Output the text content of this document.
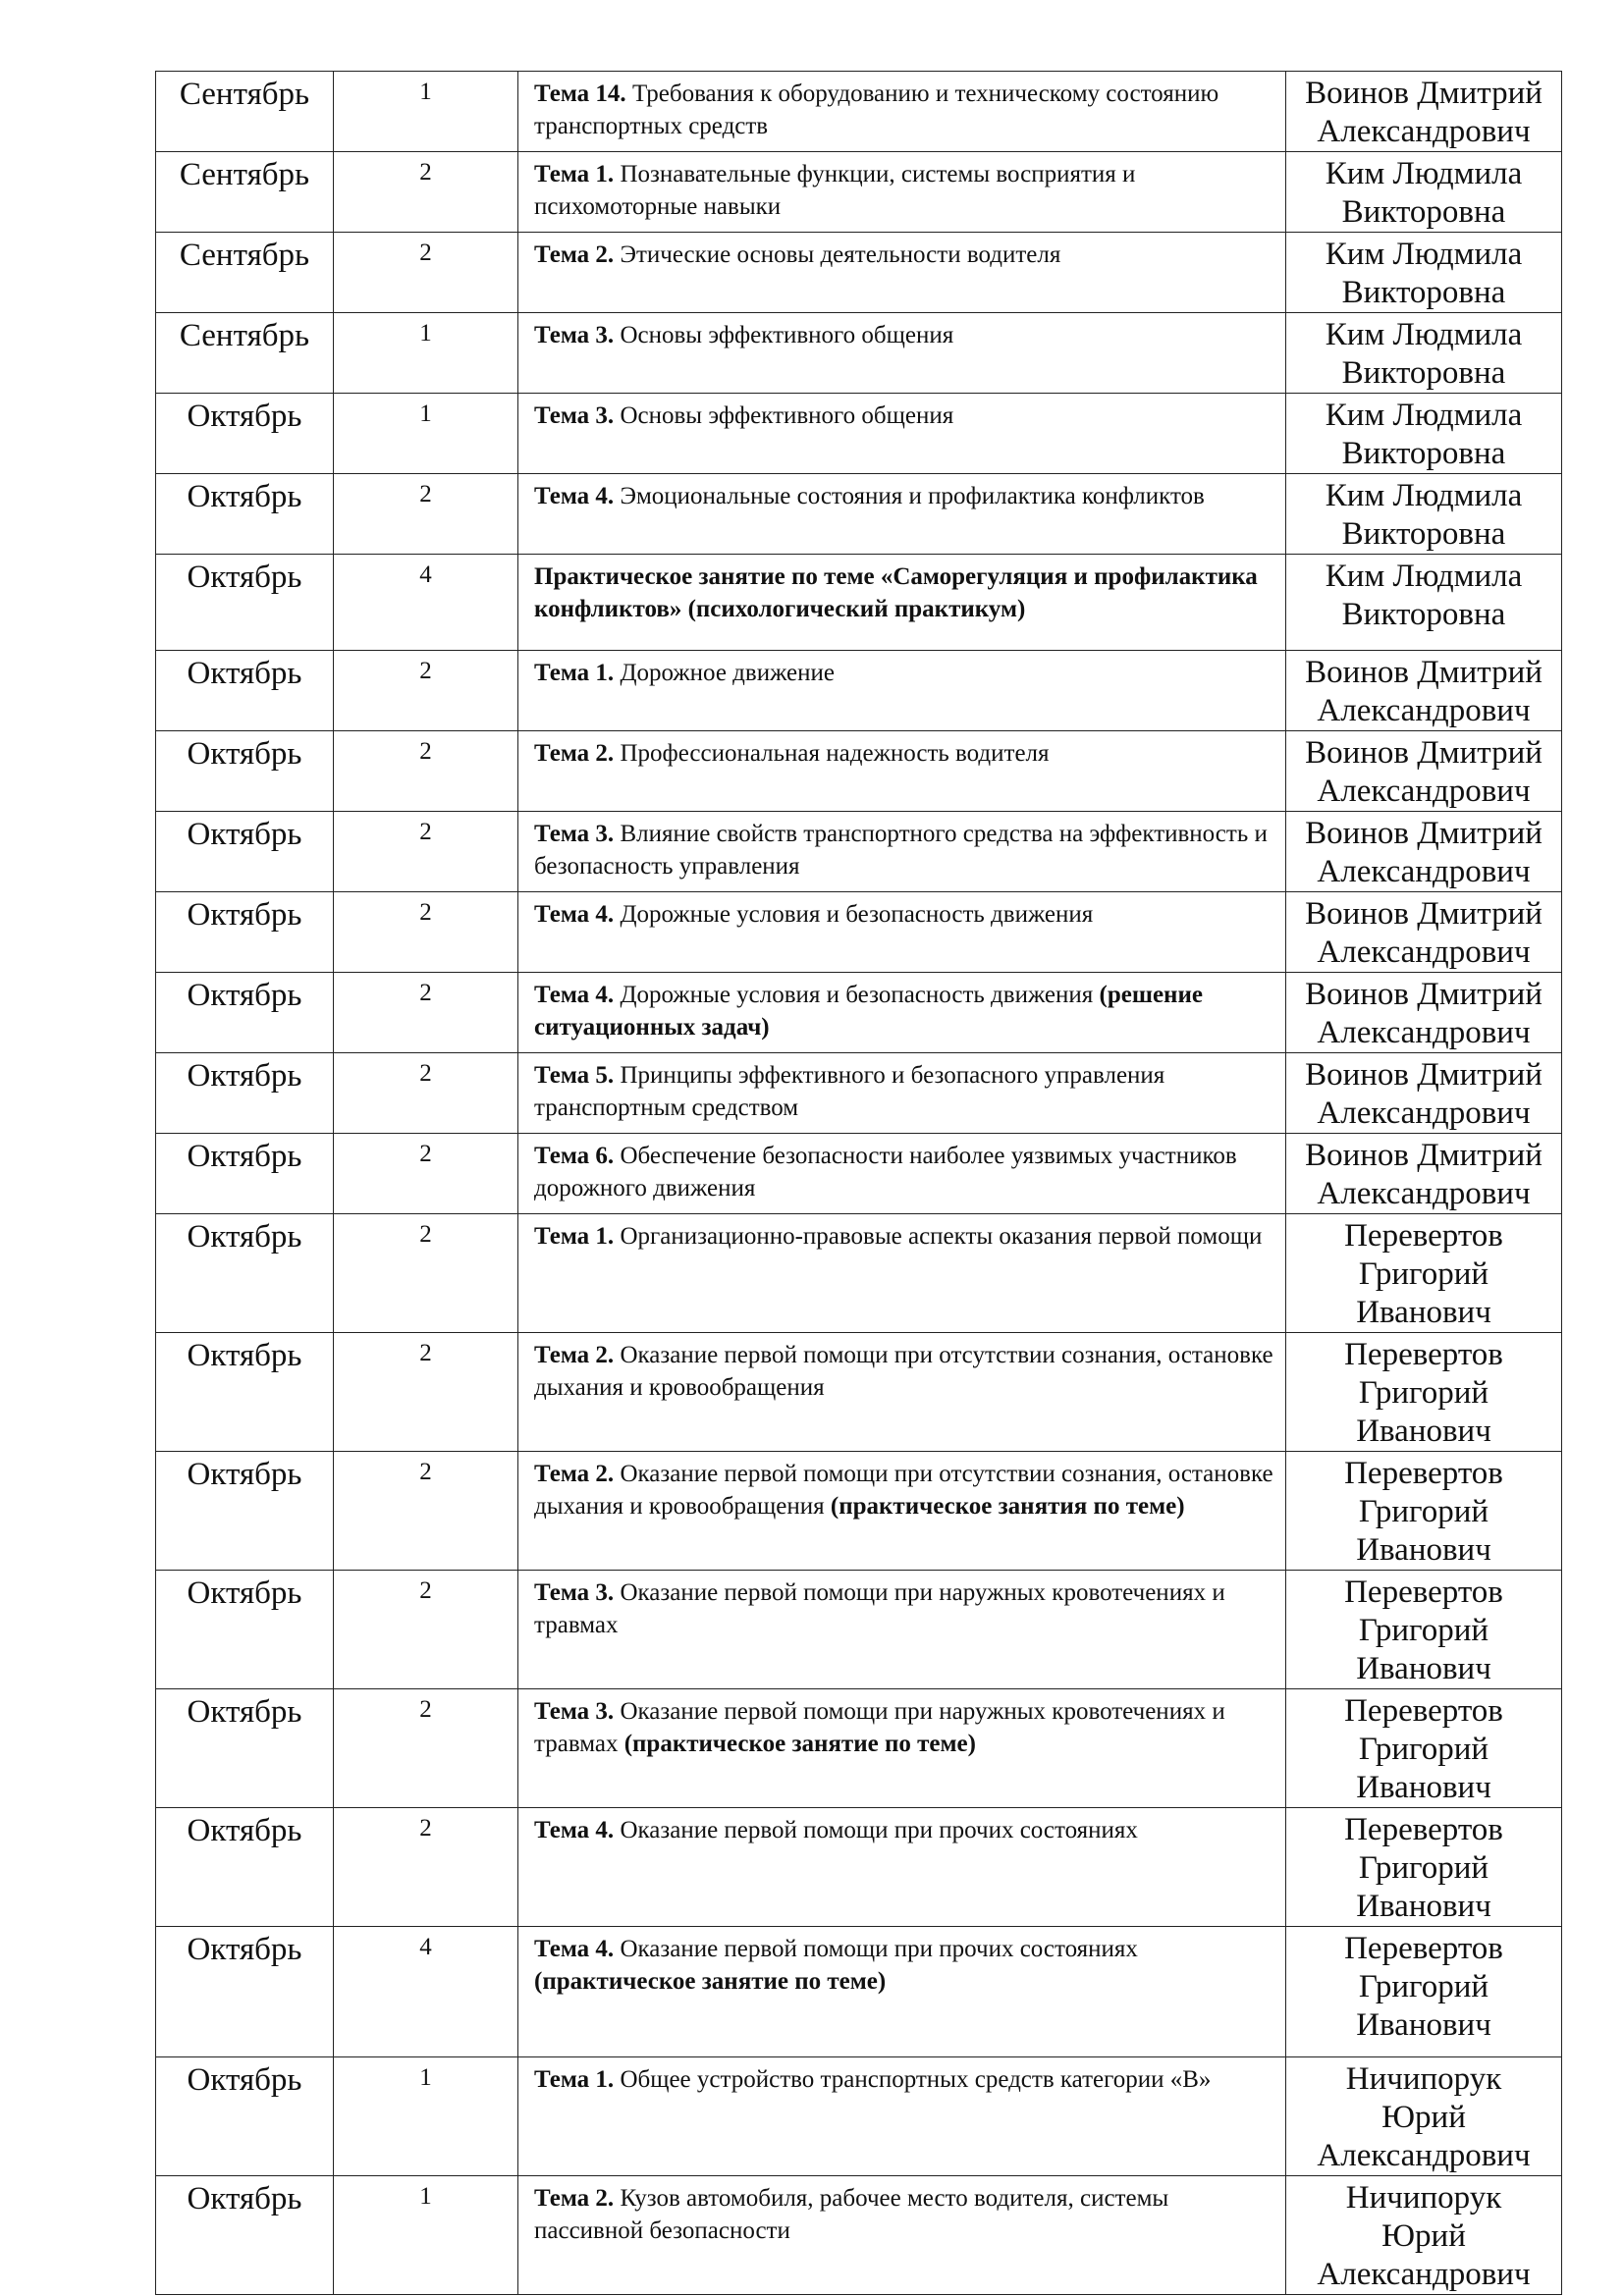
Сентябрь	1	Тема 14. Требования к оборудованию и техническому состоянию транспортных средств	Воинов Дмитрий
Александрович

Сентябрь	2	Тема 1. Познавательные функции, системы восприятия и психомоторные навыки	Ким Людмила
Викторовна

Сентябрь	2	Тема 2. Этические основы деятельности водителя	Ким Людмила
Викторовна

Сентябрь	1	Тема 3. Основы эффективного общения	Ким Людмила
Викторовна

Октябрь	1	Тема 3. Основы эффективного общения	Ким Людмила
Викторовна

Октябрь	2	Тема 4. Эмоциональные состояния и профилактика конфликтов	Ким Людмила
Викторовна

Октябрь	4	Практическое занятие по теме «Саморегуляция и профилактика конфликтов» (психологический практикум)	Ким Людмила
Викторовна

Октябрь	2	Тема 1. Дорожное движение	Воинов Дмитрий
Александрович

Октябрь	2	Тема 2. Профессиональная надежность водителя	Воинов Дмитрий
Александрович

Октябрь	2	Тема 3. Влияние свойств транспортного средства на эффективность и безопасность управления	Воинов Дмитрий
Александрович

Октябрь	2	Тема 4. Дорожные условия и безопасность движения	Воинов Дмитрий
Александрович

Октябрь	2	Тема 4. Дорожные условия и безопасность движения (решение ситуационных задач)	Воинов Дмитрий
Александрович

Октябрь	2	Тема 5. Принципы эффективного и безопасного управления транспортным средством	Воинов Дмитрий
Александрович

Октябрь	2	Тема 6. Обеспечение безопасности наиболее уязвимых участников дорожного движения	Воинов Дмитрий
Александрович

Октябрь	2	Тема 1. Организационно-правовые аспекты оказания первой помощи	Перевертов
Григорий
Иванович

Октябрь	2	Тема 2. Оказание первой помощи при отсутствии сознания, остановке дыхания и кровообращения	Перевертов
Григорий
Иванович

Октябрь	2	Тема 2. Оказание первой помощи при отсутствии сознания, остановке дыхания и кровообращения (практическое занятия по теме)	Перевертов
Григорий
Иванович

Октябрь	2	Тема 3. Оказание первой помощи при наружных кровотечениях и травмах	Перевертов
Григорий
Иванович

Октябрь	2	Тема 3. Оказание первой помощи при наружных кровотечениях и травмах (практическое занятие по теме)	Перевертов
Григорий
Иванович

Октябрь	2	Тема 4. Оказание первой помощи при прочих состояниях	Перевертов
Григорий
Иванович

Октябрь	4	Тема 4. Оказание первой помощи при прочих состояниях (практическое занятие по теме)	Перевертов
Григорий
Иванович

Октябрь	1	Тема 1. Общее устройство транспортных средств категории «В»	Ничипорук
Юрий
Александрович

Октябрь	1	Тема 2. Кузов автомобиля, рабочее место водителя, системы пассивной безопасности	Ничипорук
Юрий
Александрович
